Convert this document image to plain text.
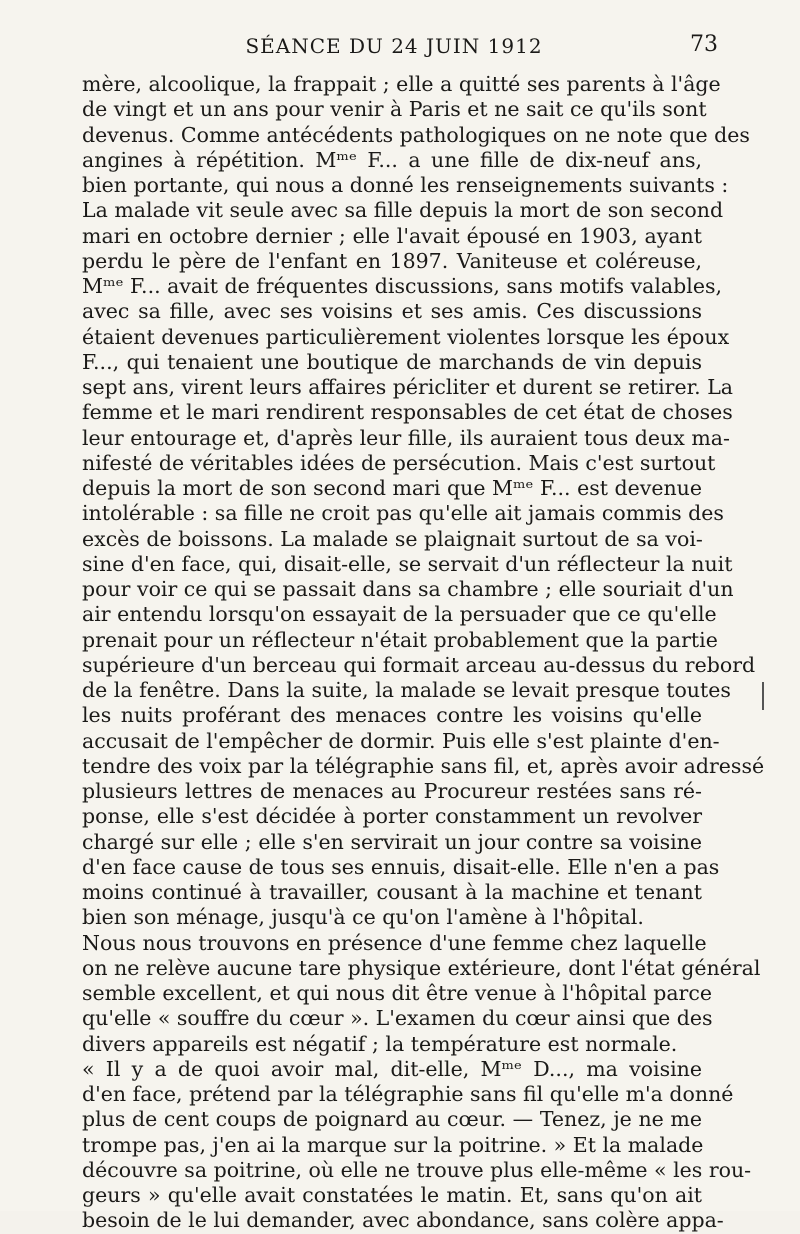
SÉANCE DU 24 JUIN 1912	73
mère, alcoolique, la frappait ; elle a quitté ses parents à l'âge
de vingt et un ans pour venir à Paris et ne sait ce qu'ils sont
devenus. Comme antécédents pathologiques on ne note que des
angines à répétition. Mᵐᵉ F... a une fille de dix-neuf ans,
bien portante, qui nous a donné les renseignements suivants :
La malade vit seule avec sa fille depuis la mort de son second
mari en octobre dernier ; elle l'avait épousé en 1903, ayant
perdu le père de l'enfant en 1897. Vaniteuse et coléreuse,
Mᵐᵉ F... avait de fréquentes discussions, sans motifs valables,
avec sa fille, avec ses voisins et ses amis. Ces discussions
étaient devenues particulièrement violentes lorsque les époux
F..., qui tenaient une boutique de marchands de vin depuis
sept ans, virent leurs affaires péricliter et durent se retirer. La
femme et le mari rendirent responsables de cet état de choses
leur entourage et, d'après leur fille, ils auraient tous deux ma-
nifesté de véritables idées de persécution. Mais c'est surtout
depuis la mort de son second mari que Mᵐᵉ F... est devenue
intolérable : sa fille ne croit pas qu'elle ait jamais commis des
excès de boissons. La malade se plaignait surtout de sa voi-
sine d'en face, qui, disait-elle, se servait d'un réflecteur la nuit
pour voir ce qui se passait dans sa chambre ; elle souriait d'un
air entendu lorsqu'on essayait de la persuader que ce qu'elle
prenait pour un réflecteur n'était probablement que la partie
supérieure d'un berceau qui formait arceau au-dessus du rebord
de la fenêtre. Dans la suite, la malade se levait presque toutes
les nuits proférant des menaces contre les voisins qu'elle
accusait de l'empêcher de dormir. Puis elle s'est plainte d'en-
tendre des voix par la télégraphie sans fil, et, après avoir adressé
plusieurs lettres de menaces au Procureur restées sans ré-
ponse, elle s'est décidée à porter constamment un revolver
chargé sur elle ; elle s'en servirait un jour contre sa voisine
d'en face cause de tous ses ennuis, disait-elle. Elle n'en a pas
moins continué à travailler, cousant à la machine et tenant
bien son ménage, jusqu'à ce qu'on l'amène à l'hôpital.
Nous nous trouvons en présence d'une femme chez laquelle
on ne relève aucune tare physique extérieure, dont l'état général
semble excellent, et qui nous dit être venue à l'hôpital parce
qu'elle « souffre du cœur ». L'examen du cœur ainsi que des
divers appareils est négatif ; la température est normale.
« Il y a de quoi avoir mal, dit-elle, Mᵐᵉ D..., ma voisine
d'en face, prétend par la télégraphie sans fil qu'elle m'a donné
plus de cent coups de poignard au cœur. — Tenez, je ne me
trompe pas, j'en ai la marque sur la poitrine. » Et la malade
découvre sa poitrine, où elle ne trouve plus elle-même « les rou-
geurs » qu'elle avait constatées le matin. Et, sans qu'on ait
besoin de le lui demander, avec abondance, sans colère appa-
